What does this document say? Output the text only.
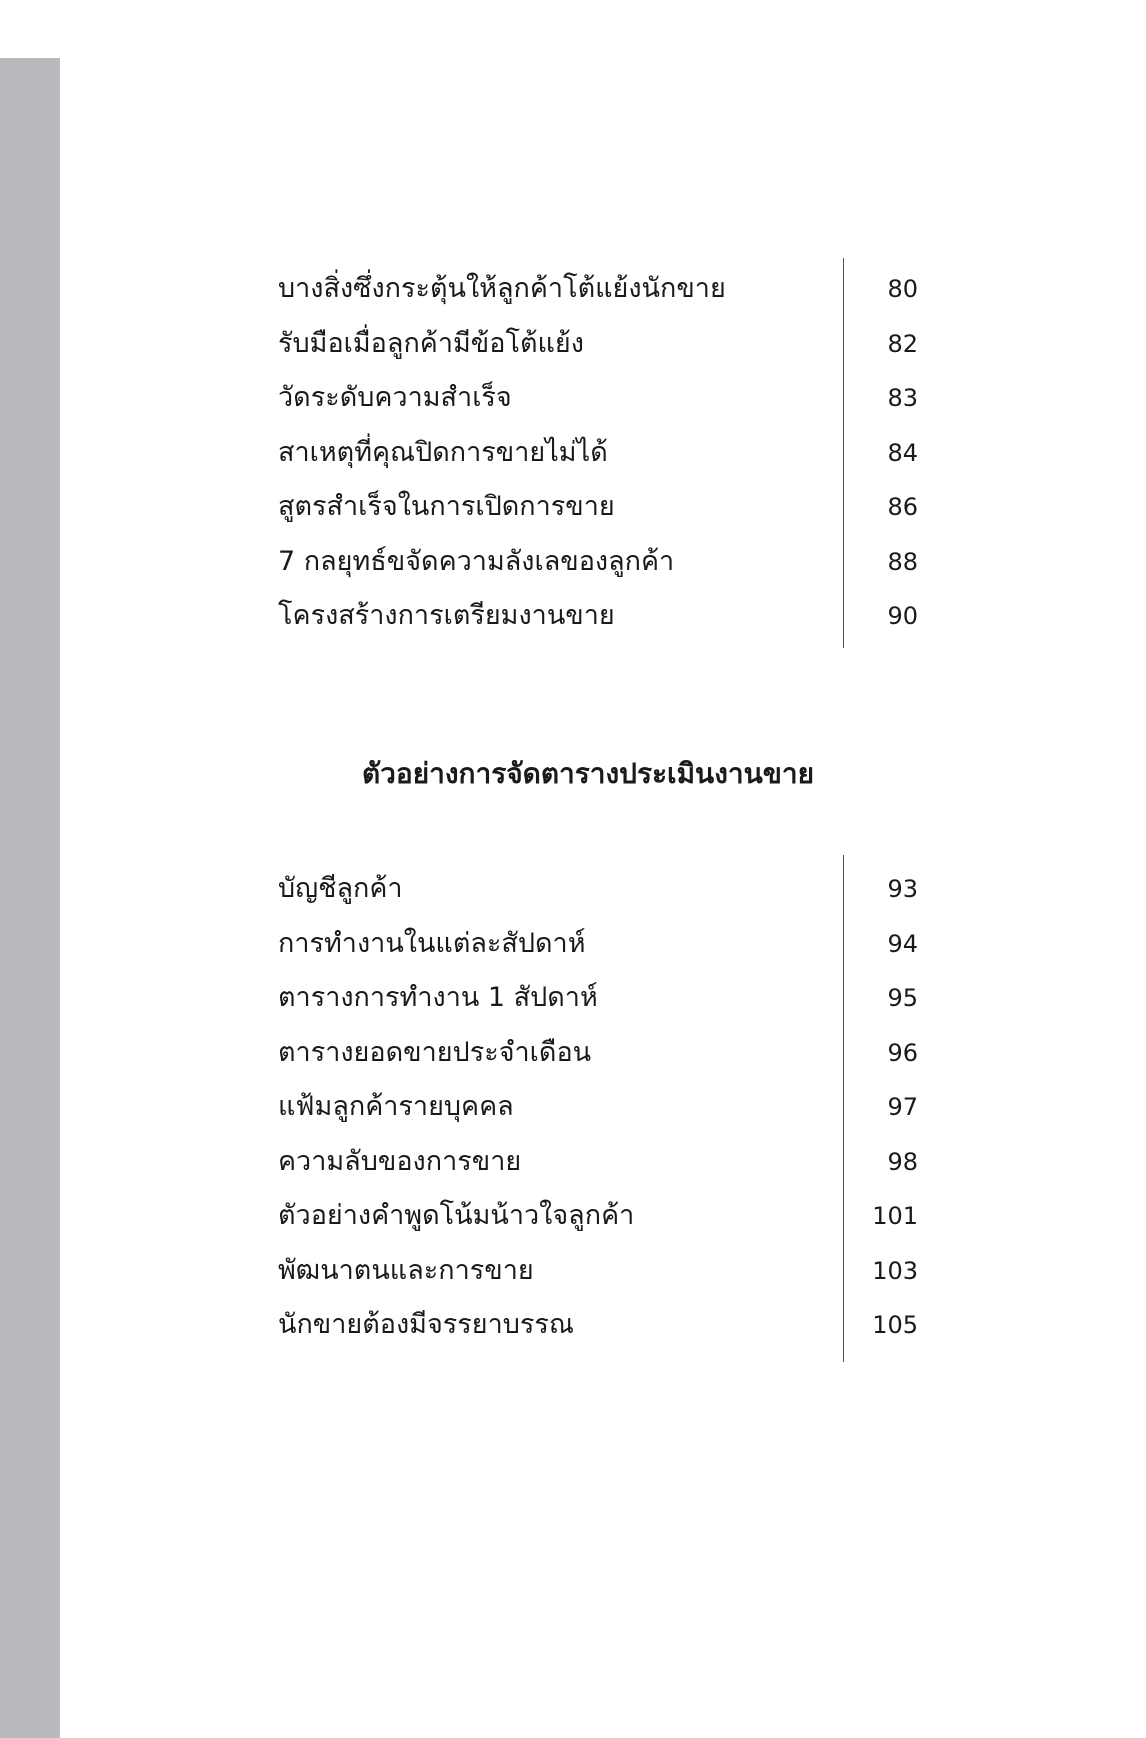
บางสิ่งซึ่งกระตุ้นให้ลูกค้าโต้แย้งนักขาย	80
รับมือเมื่อลูกค้ามีข้อโต้แย้ง	82
วัดระดับความสำเร็จ	83
สาเหตุที่คุณปิดการขายไม่ได้	84
สูตรสำเร็จในการเปิดการขาย	86
7 กลยุทธ์ขจัดความลังเลของลูกค้า	88
โครงสร้างการเตรียมงานขาย	90
ตัวอย่างการจัดตารางประเมินงานขาย
บัญชีลูกค้า	93
การทำงานในแต่ละสัปดาห์	94
ตารางการทำงาน 1 สัปดาห์	95
ตารางยอดขายประจำเดือน	96
แฟ้มลูกค้ารายบุคคล	97
ความลับของการขาย	98
ตัวอย่างคำพูดโน้มน้าวใจลูกค้า	101
พัฒนาตนและการขาย	103
นักขายต้องมีจรรยาบรรณ	105
